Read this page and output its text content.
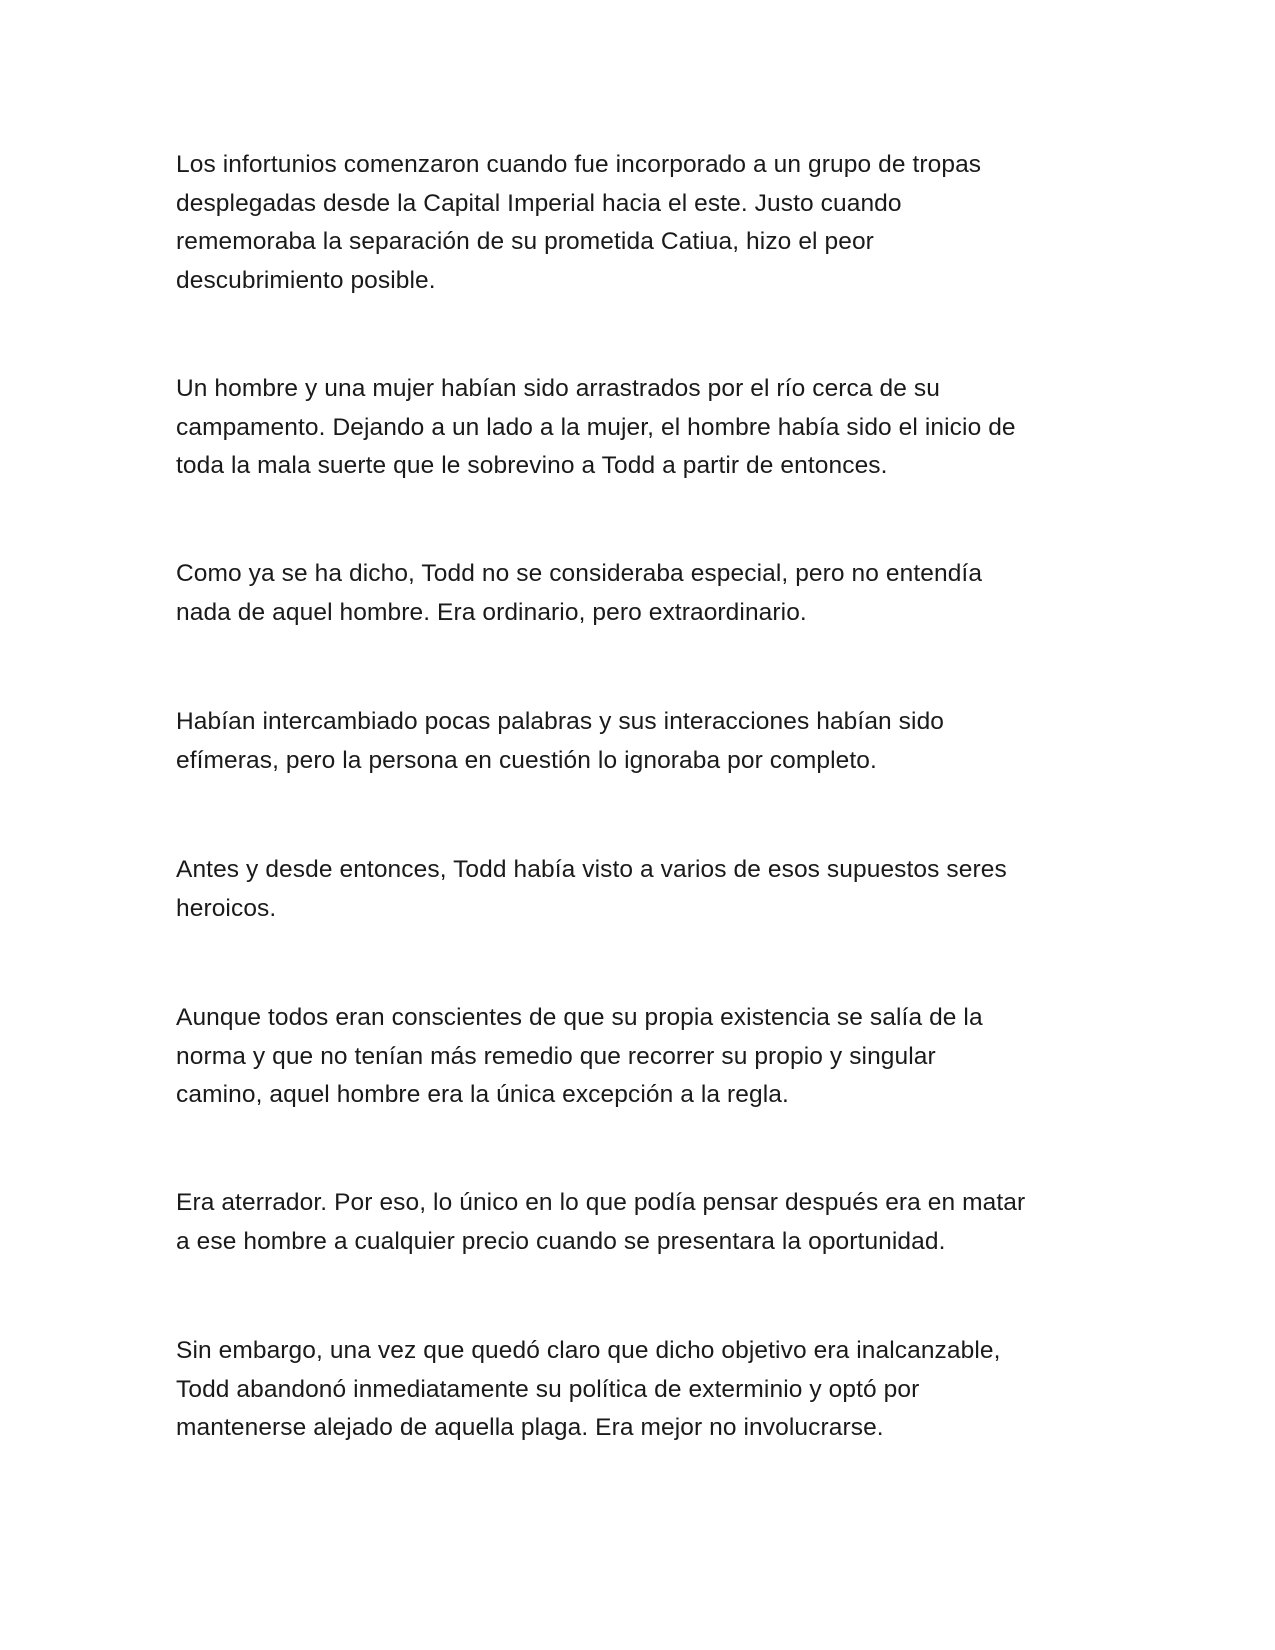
Los infortunios comenzaron cuando fue incorporado a un grupo de tropas
desplegadas desde la Capital Imperial hacia el este. Justo cuando
rememoraba la separación de su prometida Catiua, hizo el peor
descubrimiento posible.

Un hombre y una mujer habían sido arrastrados por el río cerca de su
campamento. Dejando a un lado a la mujer, el hombre había sido el inicio de
toda la mala suerte que le sobrevino a Todd a partir de entonces.

Como ya se ha dicho, Todd no se consideraba especial, pero no entendía
nada de aquel hombre. Era ordinario, pero extraordinario.

Habían intercambiado pocas palabras y sus interacciones habían sido
efímeras, pero la persona en cuestión lo ignoraba por completo.

Antes y desde entonces, Todd había visto a varios de esos supuestos seres
heroicos.

Aunque todos eran conscientes de que su propia existencia se salía de la
norma y que no tenían más remedio que recorrer su propio y singular
camino, aquel hombre era la única excepción a la regla.

Era aterrador. Por eso, lo único en lo que podía pensar después era en matar
a ese hombre a cualquier precio cuando se presentara la oportunidad.

Sin embargo, una vez que quedó claro que dicho objetivo era inalcanzable,
Todd abandonó inmediatamente su política de exterminio y optó por
mantenerse alejado de aquella plaga. Era mejor no involucrarse.
